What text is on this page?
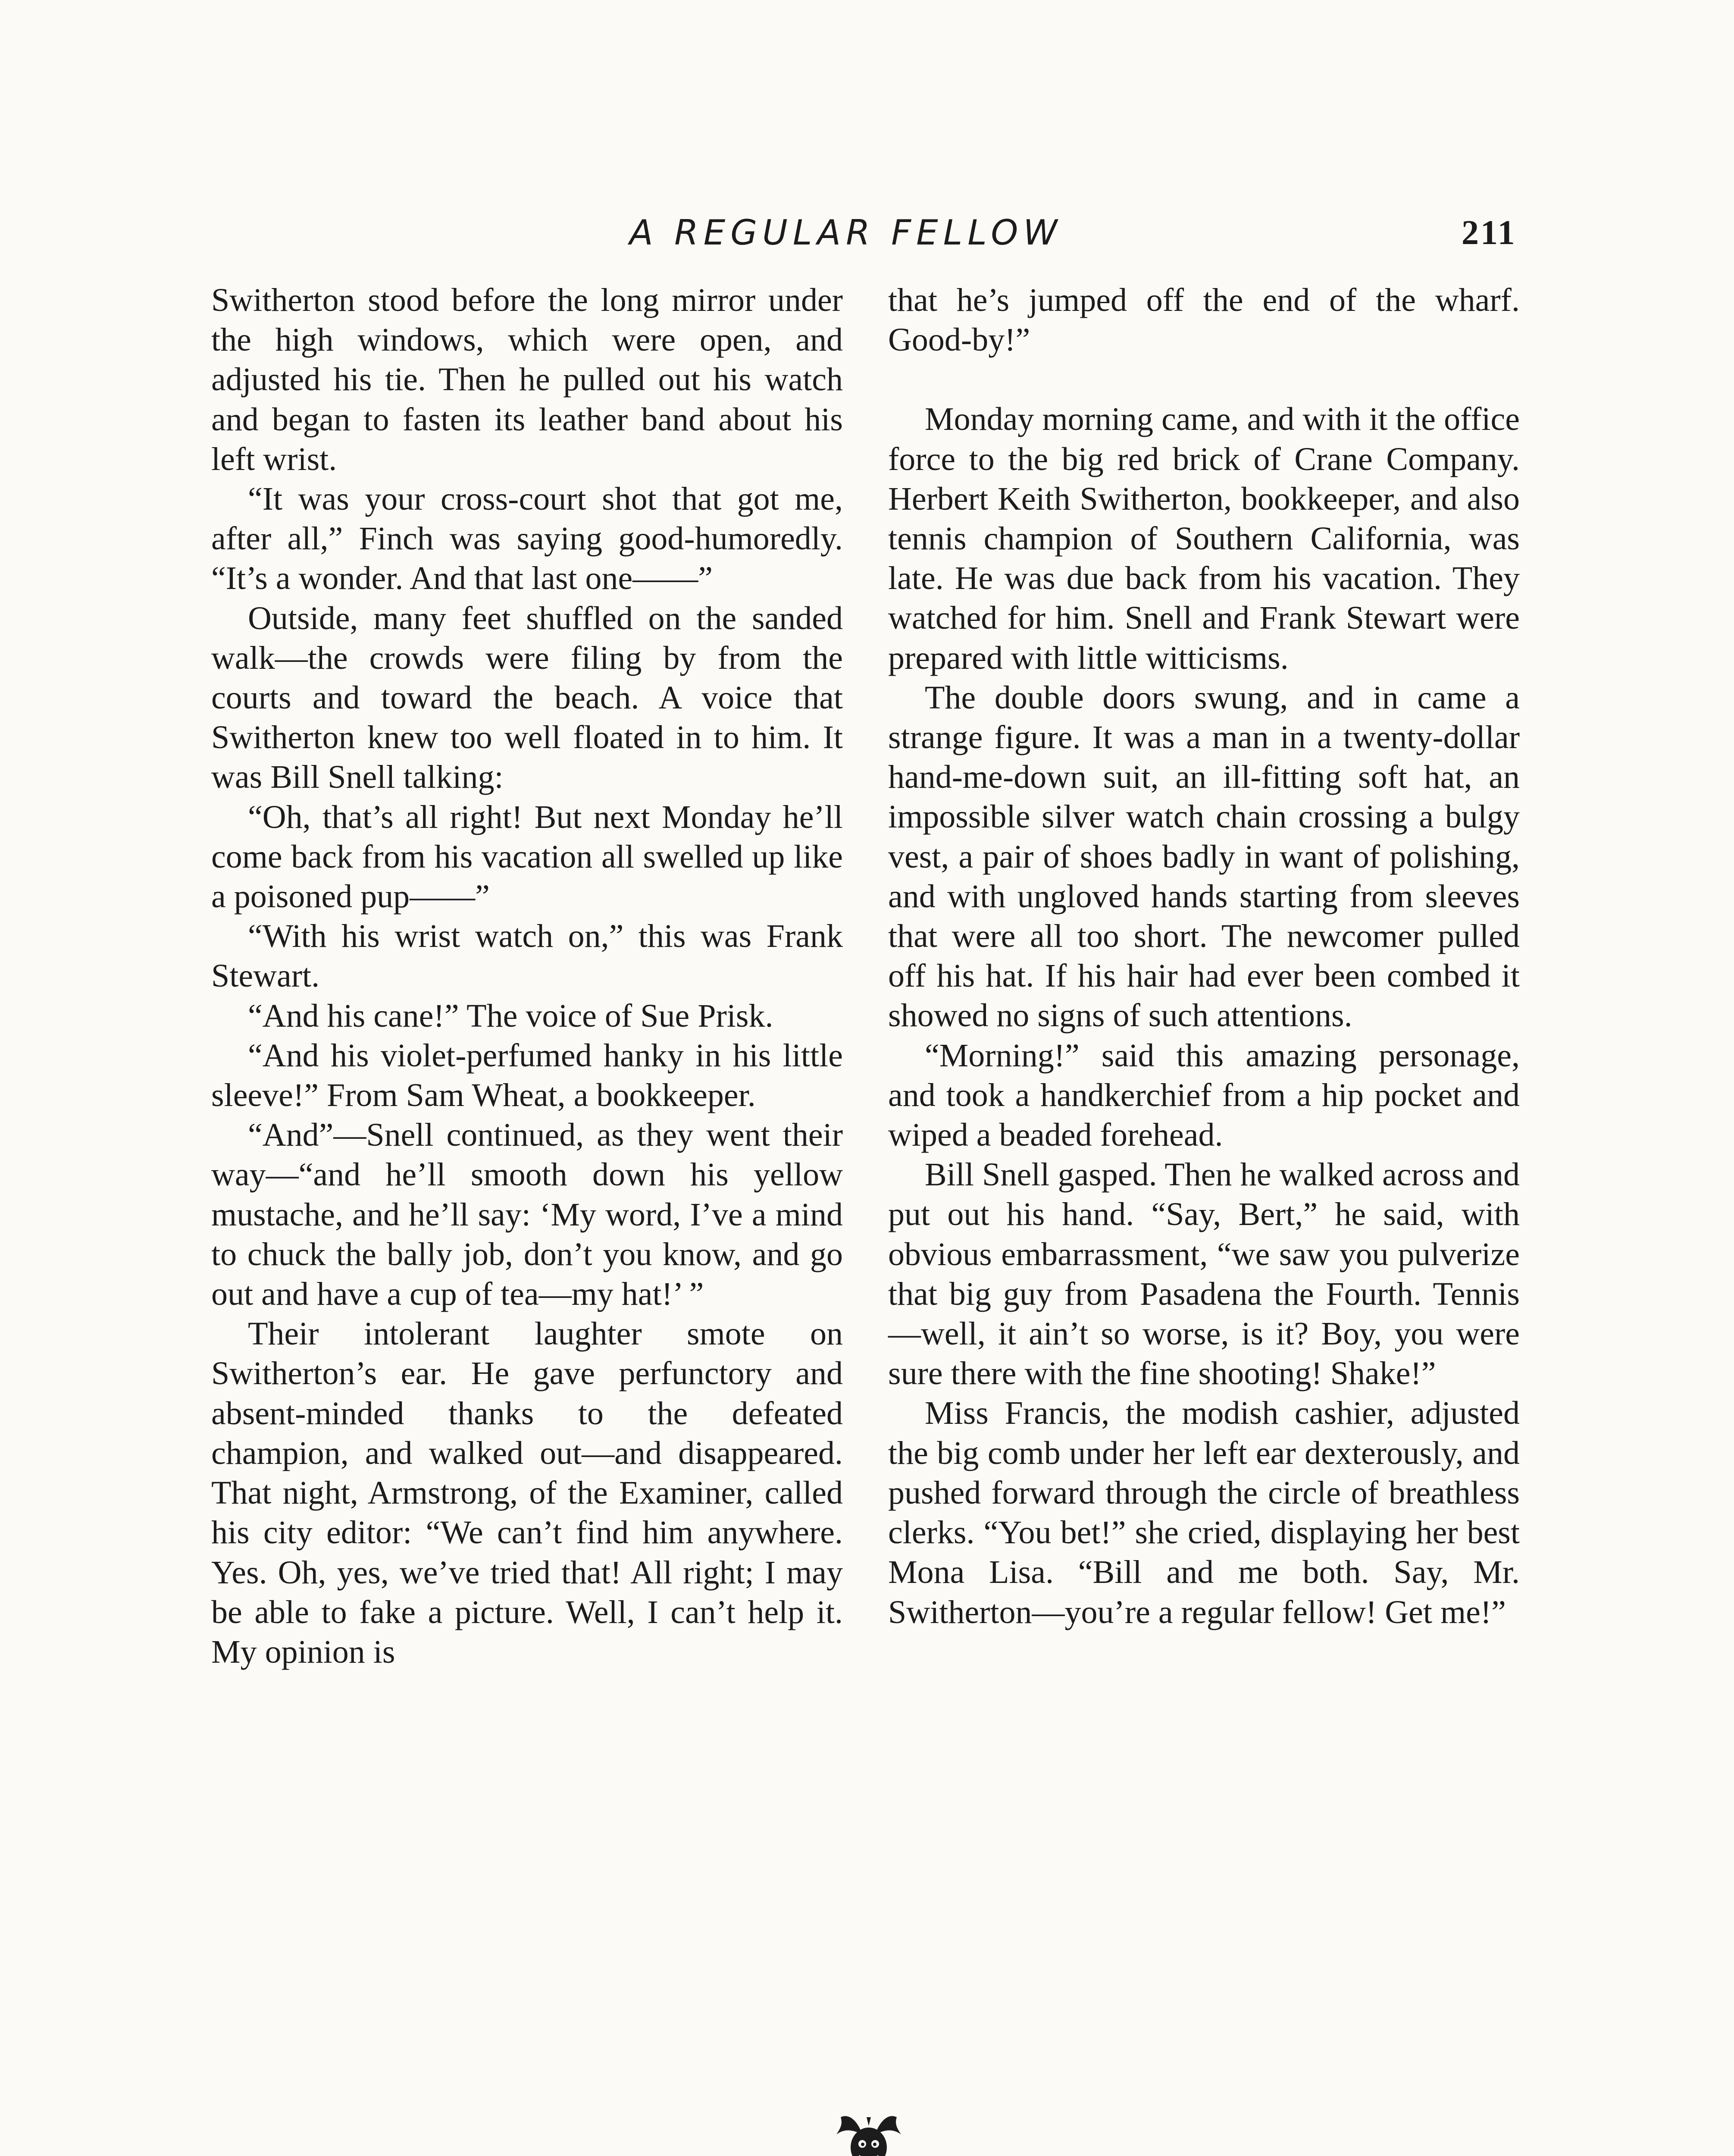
A REGULAR FELLOW	211

Switherton stood before the long mirror under the high windows, which were open, and adjusted his tie. Then he pulled out his watch and began to fasten its leather band about his left wrist.

“It was your cross-court shot that got me, after all,” Finch was saying good-humoredly. “It’s a wonder. And that last one——”

Outside, many feet shuffled on the sanded walk—the crowds were filing by from the courts and toward the beach. A voice that Switherton knew too well floated in to him. It was Bill Snell talking:

“Oh, that’s all right! But next Monday he’ll come back from his vacation all swelled up like a poisoned pup——”

“With his wrist watch on,” this was Frank Stewart.

“And his cane!” The voice of Sue Prisk.

“And his violet-perfumed hanky in his little sleeve!” From Sam Wheat, a bookkeeper.

“And”—Snell continued, as they went their way—“and he’ll smooth down his yellow mustache, and he’ll say: ‘My word, I’ve a mind to chuck the bally job, don’t you know, and go out and have a cup of tea—my hat!’ ”

Their intolerant laughter smote on Switherton’s ear. He gave perfunctory and absent-minded thanks to the defeated champion, and walked out—and disappeared. That night, Armstrong, of the Examiner, called his city editor: “We can’t find him anywhere. Yes. Oh, yes, we’ve tried that! All right; I may be able to fake a picture. Well, I can’t help it. My opinion is

that he’s jumped off the end of the wharf. Good-by!”

Monday morning came, and with it the office force to the big red brick of Crane Company. Herbert Keith Switherton, bookkeeper, and also tennis champion of Southern California, was late. He was due back from his vacation. They watched for him. Snell and Frank Stewart were prepared with little witticisms.

The double doors swung, and in came a strange figure. It was a man in a twenty-dollar hand-me-down suit, an ill-fitting soft hat, an impossible silver watch chain crossing a bulgy vest, a pair of shoes badly in want of polishing, and with ungloved hands starting from sleeves that were all too short. The newcomer pulled off his hat. If his hair had ever been combed it showed no signs of such attentions.

“Morning!” said this amazing personage, and took a handkerchief from a hip pocket and wiped a beaded forehead.

Bill Snell gasped. Then he walked across and put out his hand. “Say, Bert,” he said, with obvious embarrassment, “we saw you pulverize that big guy from Pasadena the Fourth. Tennis—well, it ain’t so worse, is it? Boy, you were sure there with the fine shooting! Shake!”

Miss Francis, the modish cashier, adjusted the big comb under her left ear dexterously, and pushed forward through the circle of breathless clerks. “You bet!” she cried, displaying her best Mona Lisa. “Bill and me both. Say, Mr. Switherton—you’re a regular fellow! Get me!”
